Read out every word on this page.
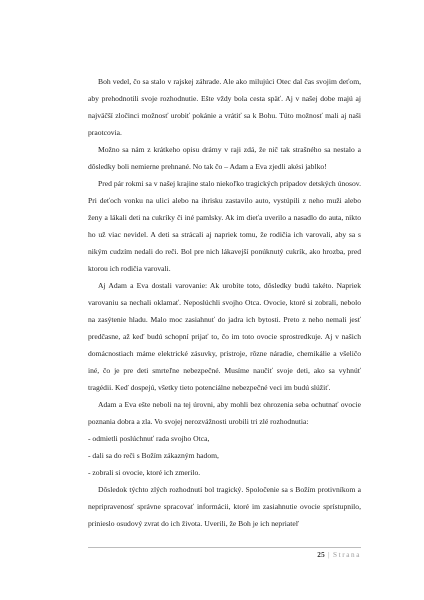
Boh vedel, čo sa stalo v rajskej záhrade. Ale ako milujúci Otec dal čas svojim deťom, aby prehodnotili svoje rozhodnutie. Ešte vždy bola cesta späť. Aj v našej dobe majú aj najväčší zločinci možnosť urobiť pokánie a vrátiť sa k Bohu. Túto možnosť mali aj naši praotcovia.

Možno sa nám z krátkeho opisu drámy v raji zdá, že nič tak strašného sa nestalo a dôsledky boli nemierne prehnané. No tak čo – Adam a Eva zjedli akési jablko!

Pred pár rokmi sa v našej krajine stalo niekoľko tragických prípadov detských únosov. Pri deťoch vonku na ulici alebo na ihrisku zastavilo auto, vystúpili z neho muži alebo ženy a lákali deti na cukríky či iné pamlsky. Ak im dieťa uverilo a nasadlo do auta, nikto ho už viac nevidel. A deti sa strácali aj napriek tomu, že rodičia ich varovali, aby sa s nikým cudzím nedali do reči. Bol pre nich lákavejší ponúknutý cukrík, ako hrozba, pred ktorou ich rodičia varovali.

Aj Adam a Eva dostali varovanie: Ak urobíte toto, dôsledky budú takéto. Napriek varovaniu sa nechali oklamať. Neposlúchli svojho Otca. Ovocie, ktoré si zobrali, nebolo na zasýtenie hladu. Malo moc zasiahnuť do jadra ich bytosti. Preto z neho nemali jesť predčasne, až keď budú schopní prijať to, čo im toto ovocie sprostredkuje. Aj v našich domácnostiach máme elektrické zásuvky, prístroje, rôzne náradie, chemikálie a všeličo iné, čo je pre deti smrteľne nebezpečné. Musíme naučiť svoje deti, ako sa vyhnúť tragédii. Keď dospejú, všetky tieto potenciálne nebezpečné veci im budú slúžiť.

Adam a Eva ešte neboli na tej úrovni, aby mohli bez ohrozenia seba ochutnať ovocie poznania dobra a zla. Vo svojej nerozvážnosti urobili tri zlé rozhodnutia:

- odmietli poslúchnuť rada svojho Otca,
- dali sa do reči s Božím zákazným hadom,
- zobrali si ovocie, ktoré ich zmerilo.

Dôsledok týchto zlých rozhodnutí bol tragický. Spoločenie sa s Božím protivníkom a nepripravenosť správne spracovať informácii, ktoré im zasiahnutie ovocie sprístupnilo, prinieslo osudový zvrat do ich života. Uverili, že Boh je ich nepriateľ

25 | Strana
